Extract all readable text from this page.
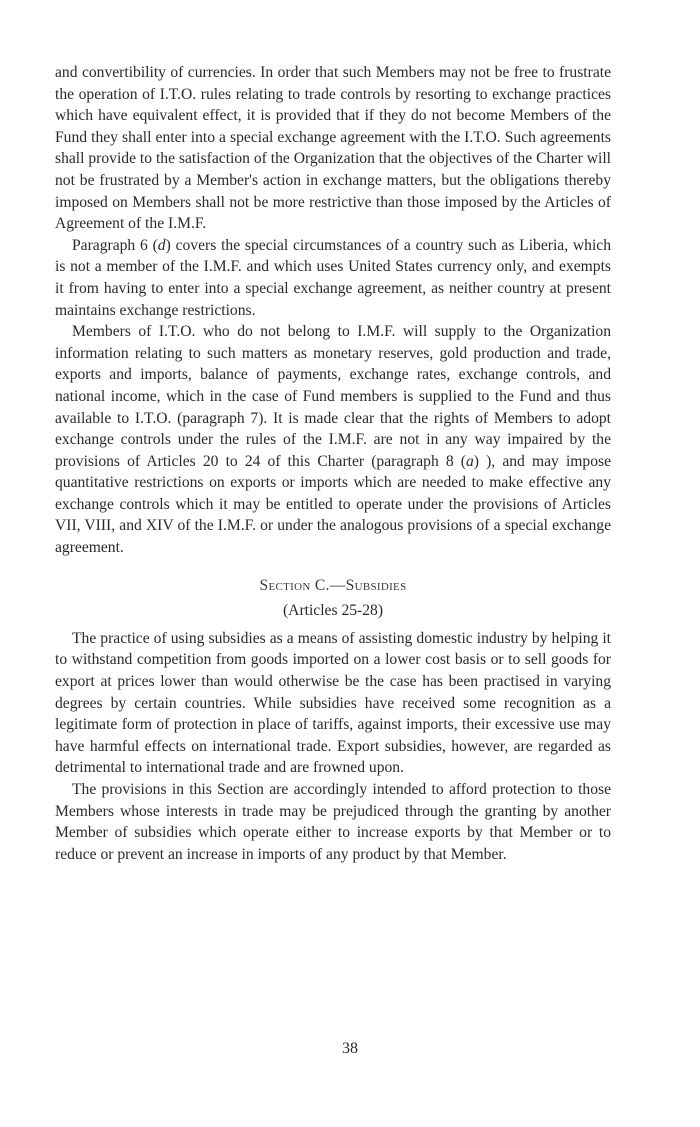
and convertibility of currencies. In order that such Members may not be free to frustrate the operation of I.T.O. rules relating to trade controls by resorting to exchange practices which have equivalent effect, it is provided that if they do not become Members of the Fund they shall enter into a special exchange agreement with the I.T.O. Such agreements shall provide to the satisfaction of the Organization that the objectives of the Charter will not be frustrated by a Member's action in exchange matters, but the obligations thereby imposed on Members shall not be more restrictive than those imposed by the Articles of Agreement of the I.M.F.

Paragraph 6 (d) covers the special circumstances of a country such as Liberia, which is not a member of the I.M.F. and which uses United States currency only, and exempts it from having to enter into a special exchange agreement, as neither country at present maintains exchange restrictions.

Members of I.T.O. who do not belong to I.M.F. will supply to the Organization information relating to such matters as monetary reserves, gold production and trade, exports and imports, balance of payments, exchange rates, exchange controls, and national income, which in the case of Fund members is supplied to the Fund and thus available to I.T.O. (paragraph 7). It is made clear that the rights of Members to adopt exchange controls under the rules of the I.M.F. are not in any way impaired by the provisions of Articles 20 to 24 of this Charter (paragraph 8 (a) ), and may impose quantitative restrictions on exports or imports which are needed to make effective any exchange controls which it may be entitled to operate under the provisions of Articles VII, VIII, and XIV of the I.M.F. or under the analogous provisions of a special exchange agreement.

Section C.—Subsidies

(Articles 25-28)

The practice of using subsidies as a means of assisting domestic industry by helping it to withstand competition from goods imported on a lower cost basis or to sell goods for export at prices lower than would otherwise be the case has been practised in varying degrees by certain countries. While subsidies have received some recognition as a legitimate form of protection in place of tariffs, against imports, their excessive use may have harmful effects on international trade. Export subsidies, however, are regarded as detrimental to international trade and are frowned upon.

The provisions in this Section are accordingly intended to afford protection to those Members whose interests in trade may be prejudiced through the granting by another Member of subsidies which operate either to increase exports by that Member or to reduce or prevent an increase in imports of any product by that Member.

38
